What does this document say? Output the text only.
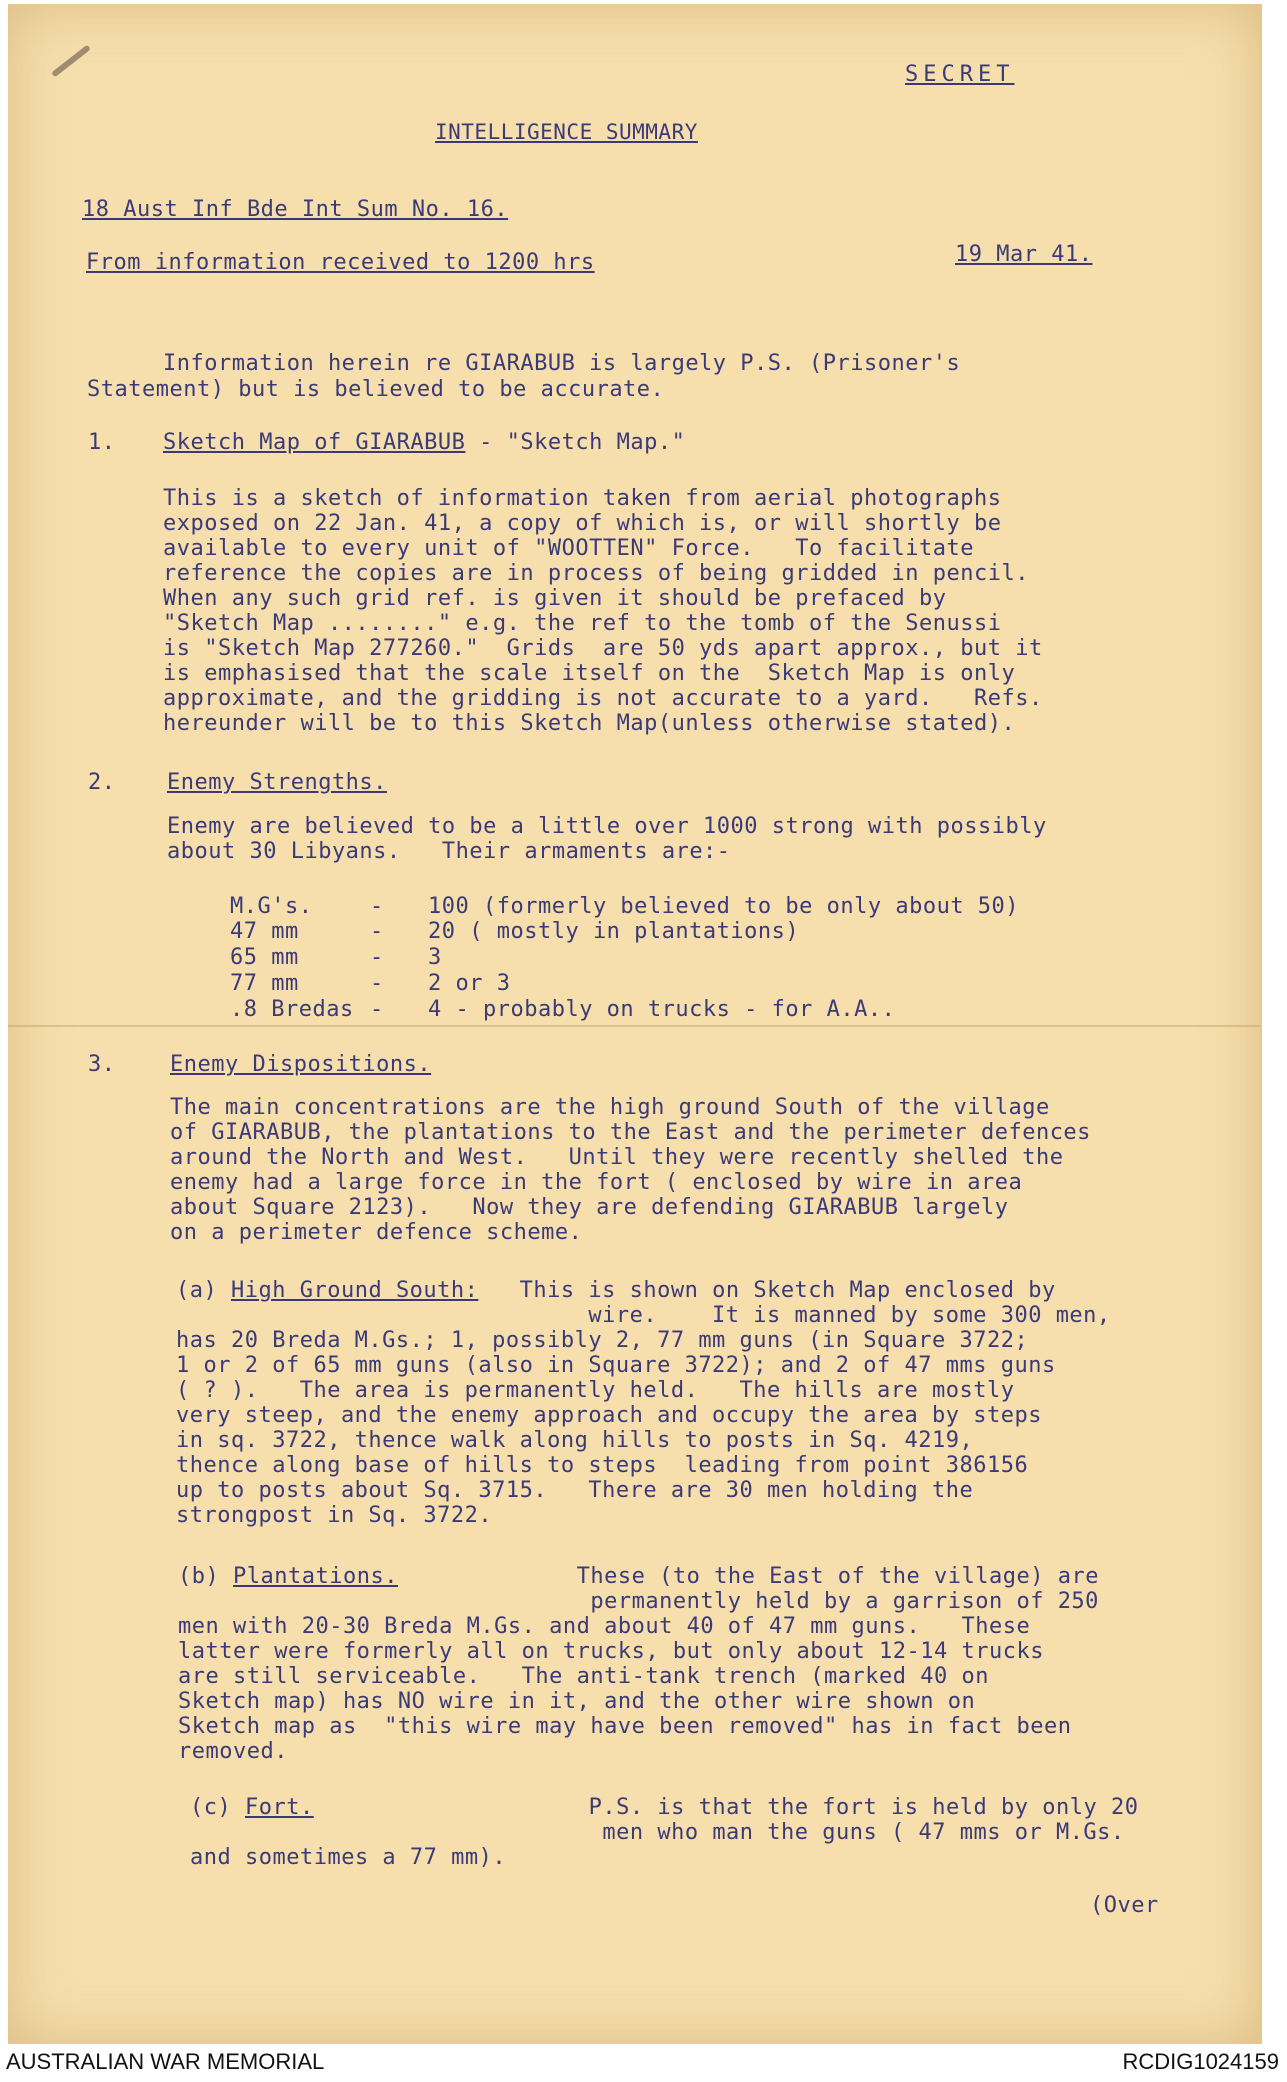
SECRET
INTELLIGENCE SUMMARY
18 Aust Inf Bde Int Sum No. 16.
From information received to 1200 hrs	19 Mar 41.
Information herein re GIARABUB is largely P.S. (Prisoner's
Statement) but is believed to be accurate.
1. Sketch Map of GIARABUB - "Sketch Map."
This is a sketch of information taken from aerial photographs
exposed on 22 Jan. 41, a copy of which is, or will shortly be
available to every unit of "WOOTTEN" Force.   To facilitate
reference the copies are in process of being gridded in pencil.
When any such grid ref. is given it should be prefaced by
"Sketch Map ........" e.g. the ref to the tomb of the Senussi
is "Sketch Map 277260."  Grids  are 50 yds apart approx., but it
is emphasised that the scale itself on the  Sketch Map is only
approximate, and the gridding is not accurate to a yard.   Refs.
hereunder will be to this Sketch Map(unless otherwise stated).
2. Enemy Strengths.
Enemy are believed to be a little over 1000 strong with possibly
about 30 Libyans.   Their armaments are:-
M.G's.	- 100 (formerly believed to be only about 50)
47 mm	- 20 ( mostly in plantations)
65 mm	- 3
77 mm	- 2 or 3
.8 Bredas - 4 - probably on trucks - for A.A..
3. Enemy Dispositions.
The main concentrations are the high ground South of the village
of GIARABUB, the plantations to the East and the perimeter defences
around the North and West.   Until they were recently shelled the
enemy had a large force in the fort ( enclosed by wire in area
about Square 2123).   Now they are defending GIARABUB largely
on a perimeter defence scheme.
(a) High Ground South:   This is shown on Sketch Map enclosed by
wire.    It is manned by some 300 men,
has 20 Breda M.Gs.; 1, possibly 2, 77 mm guns (in Square 3722;
1 or 2 of 65 mm guns (also in Square 3722); and 2 of 47 mms guns
( ? ).   The area is permanently held.   The hills are mostly
very steep, and the enemy approach and occupy the area by steps
in sq. 3722, thence walk along hills to posts in Sq. 4219,
thence along base of hills to steps  leading from point 386156
up to posts about Sq. 3715.   There are 30 men holding the
strongpost in Sq. 3722.
(b) Plantations.             These (to the East of the village) are
permanently held by a garrison of 250
men with 20-30 Breda M.Gs. and about 40 of 47 mm guns.   These
latter were formerly all on trucks, but only about 12-14 trucks
are still serviceable.   The anti-tank trench (marked 40 on
Sketch map) has NO wire in it, and the other wire shown on
Sketch map as  "this wire may have been removed" has in fact been
removed.
(c) Fort.                    P.S. is that the fort is held by only 20
men who man the guns ( 47 mms or M.Gs.
and sometimes a 77 mm).
(Over
AUSTRALIAN WAR MEMORIAL	RCDIG1024159
